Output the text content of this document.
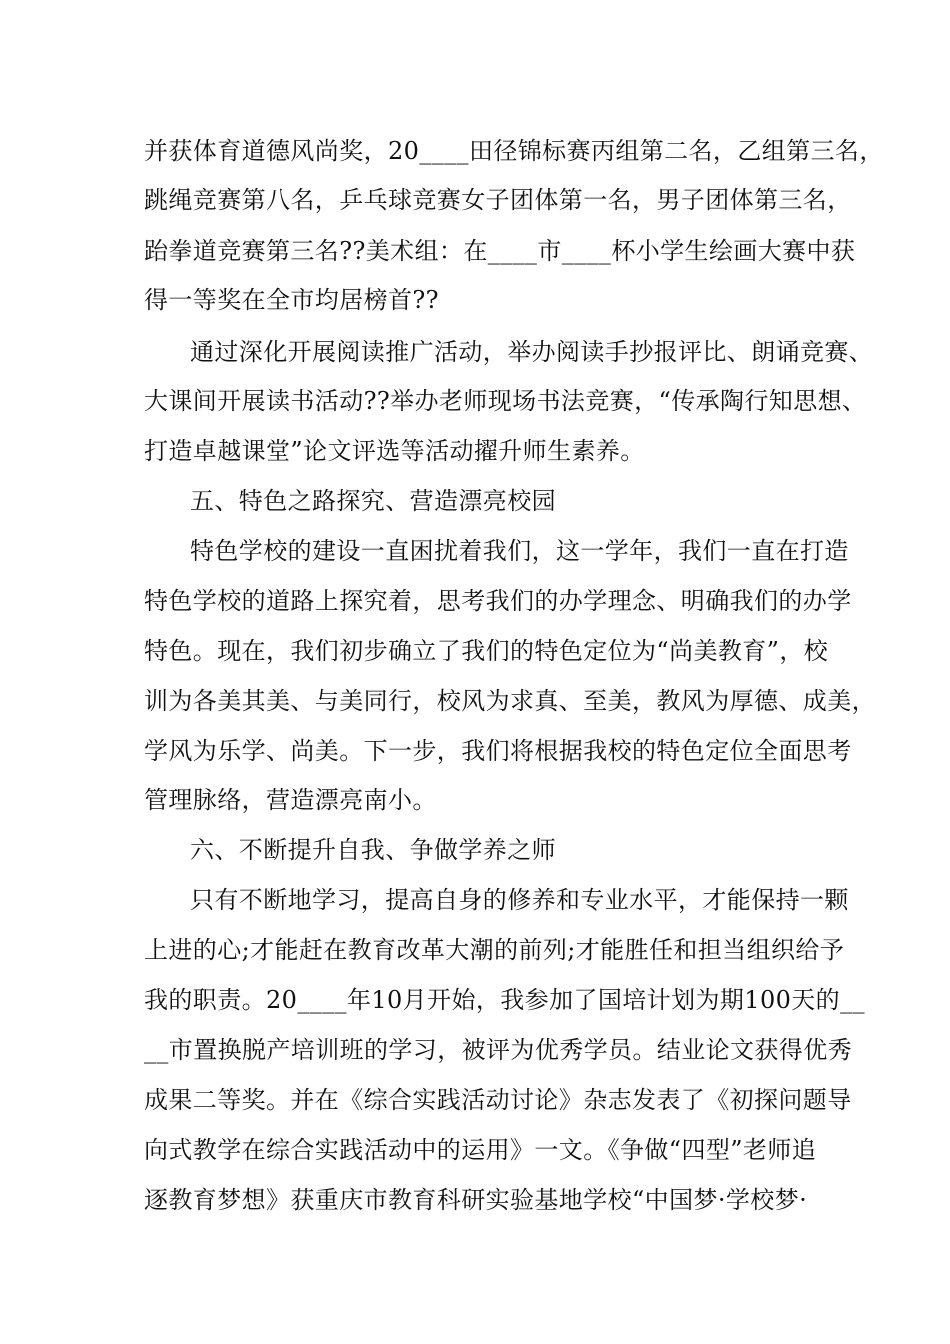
并获体育道德风尚奖，20____田径锦标赛丙组第二名，乙组第三名，
跳绳竞赛第八名，乒乓球竞赛女子团体第一名，男子团体第三名，
跆拳道竞赛第三名??美术组：在____市____杯小学生绘画大赛中获
得一等奖在全市均居榜首??
通过深化开展阅读推广活动，举办阅读手抄报评比、朗诵竞赛、
大课间开展读书活动??举办老师现场书法竞赛，“传承陶行知思想、
打造卓越课堂”论文评选等活动擢升师生素养。
五、特色之路探究、营造漂亮校园
特色学校的建设一直困扰着我们，这一学年，我们一直在打造
特色学校的道路上探究着，思考我们的办学理念、明确我们的办学
特色。现在，我们初步确立了我们的特色定位为“尚美教育”，校
训为各美其美、与美同行，校风为求真、至美，教风为厚德、成美，
学风为乐学、尚美。下一步，我们将根据我校的特色定位全面思考
管理脉络，营造漂亮南小。
六、不断提升自我、争做学养之师
只有不断地学习，提高自身的修养和专业水平，才能保持一颗
上进的心;才能赶在教育改革大潮的前列;才能胜任和担当组织给予
我的职责。20____年10月开始，我参加了国培计划为期100天的__
__市置换脱产培训班的学习，被评为优秀学员。结业论文获得优秀
成果二等奖。并在《综合实践活动讨论》杂志发表了《初探问题导
向式教学在综合实践活动中的运用》一文。《争做“四型”老师追
逐教育梦想》获重庆市教育科研实验基地学校“中国梦·学校梦·
